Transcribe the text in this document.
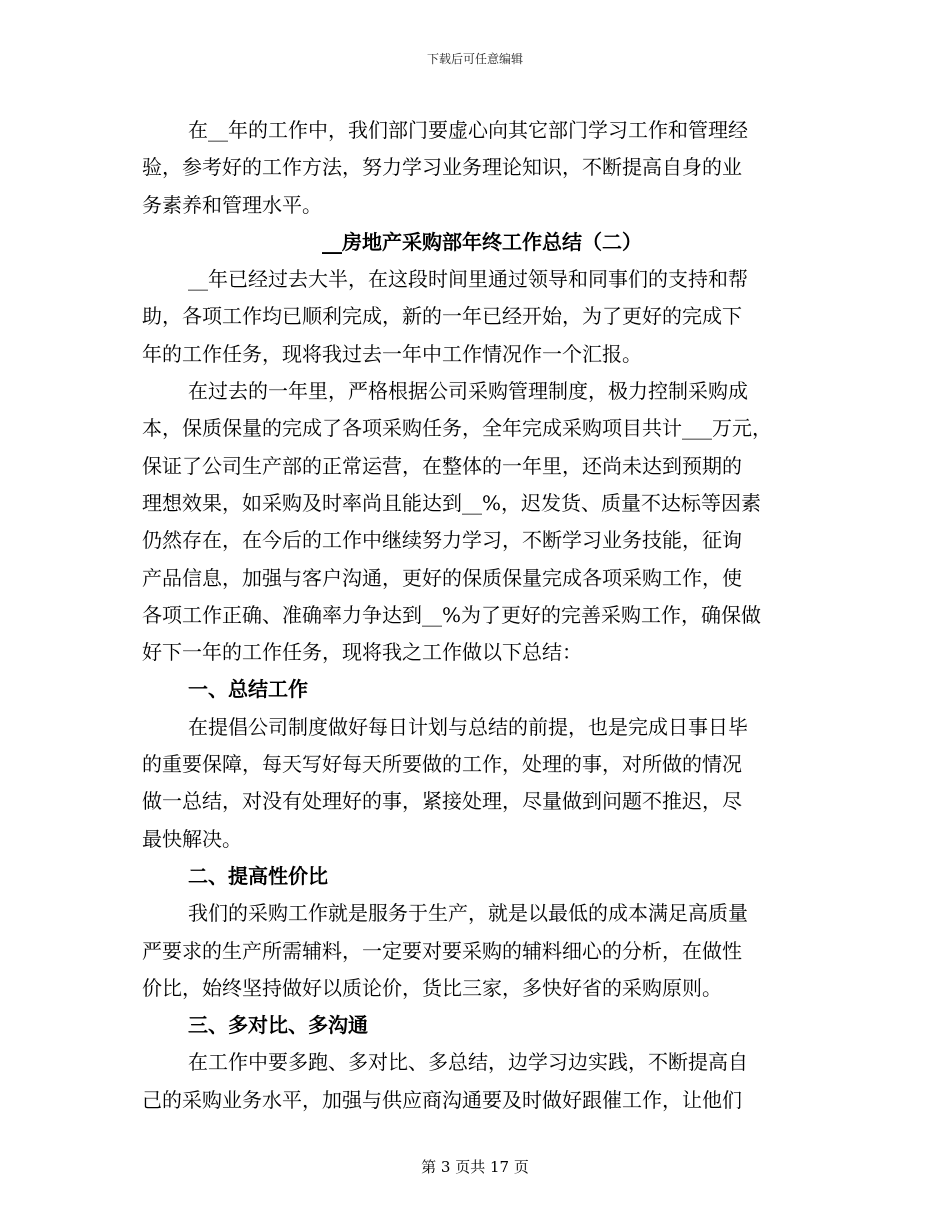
下载后可任意编辑
在__年的工作中，我们部门要虚心向其它部门学习工作和管理经
验，参考好的工作方法，努力学习业务理论知识，不断提高自身的业
务素养和管理水平。
__房地产采购部年终工作总结（二）
__年已经过去大半，在这段时间里通过领导和同事们的支持和帮
助，各项工作均已顺利完成，新的一年已经开始，为了更好的完成下
年的工作任务，现将我过去一年中工作情况作一个汇报。
在过去的一年里，严格根据公司采购管理制度，极力控制采购成
本，保质保量的完成了各项采购任务，全年完成采购项目共计___万元，
保证了公司生产部的正常运营，在整体的一年里，还尚未达到预期的
理想效果，如采购及时率尚且能达到__%，迟发货、质量不达标等因素
仍然存在，在今后的工作中继续努力学习，不断学习业务技能，征询
产品信息，加强与客户沟通，更好的保质保量完成各项采购工作，使
各项工作正确、准确率力争达到__%为了更好的完善采购工作，确保做
好下一年的工作任务，现将我之工作做以下总结：
一、总结工作
在提倡公司制度做好每日计划与总结的前提，也是完成日事日毕
的重要保障，每天写好每天所要做的工作，处理的事，对所做的情况
做一总结，对没有处理好的事，紧接处理，尽量做到问题不推迟，尽
最快解决。
二、提高性价比
我们的采购工作就是服务于生产，就是以最低的成本满足高质量
严要求的生产所需辅料，一定要对要采购的辅料细心的分析，在做性
价比，始终坚持做好以质论价，货比三家，多快好省的采购原则。
三、多对比、多沟通
在工作中要多跑、多对比、多总结，边学习边实践，不断提高自
己的采购业务水平，加强与供应商沟通要及时做好跟催工作，让他们
第 3 页共 17 页
